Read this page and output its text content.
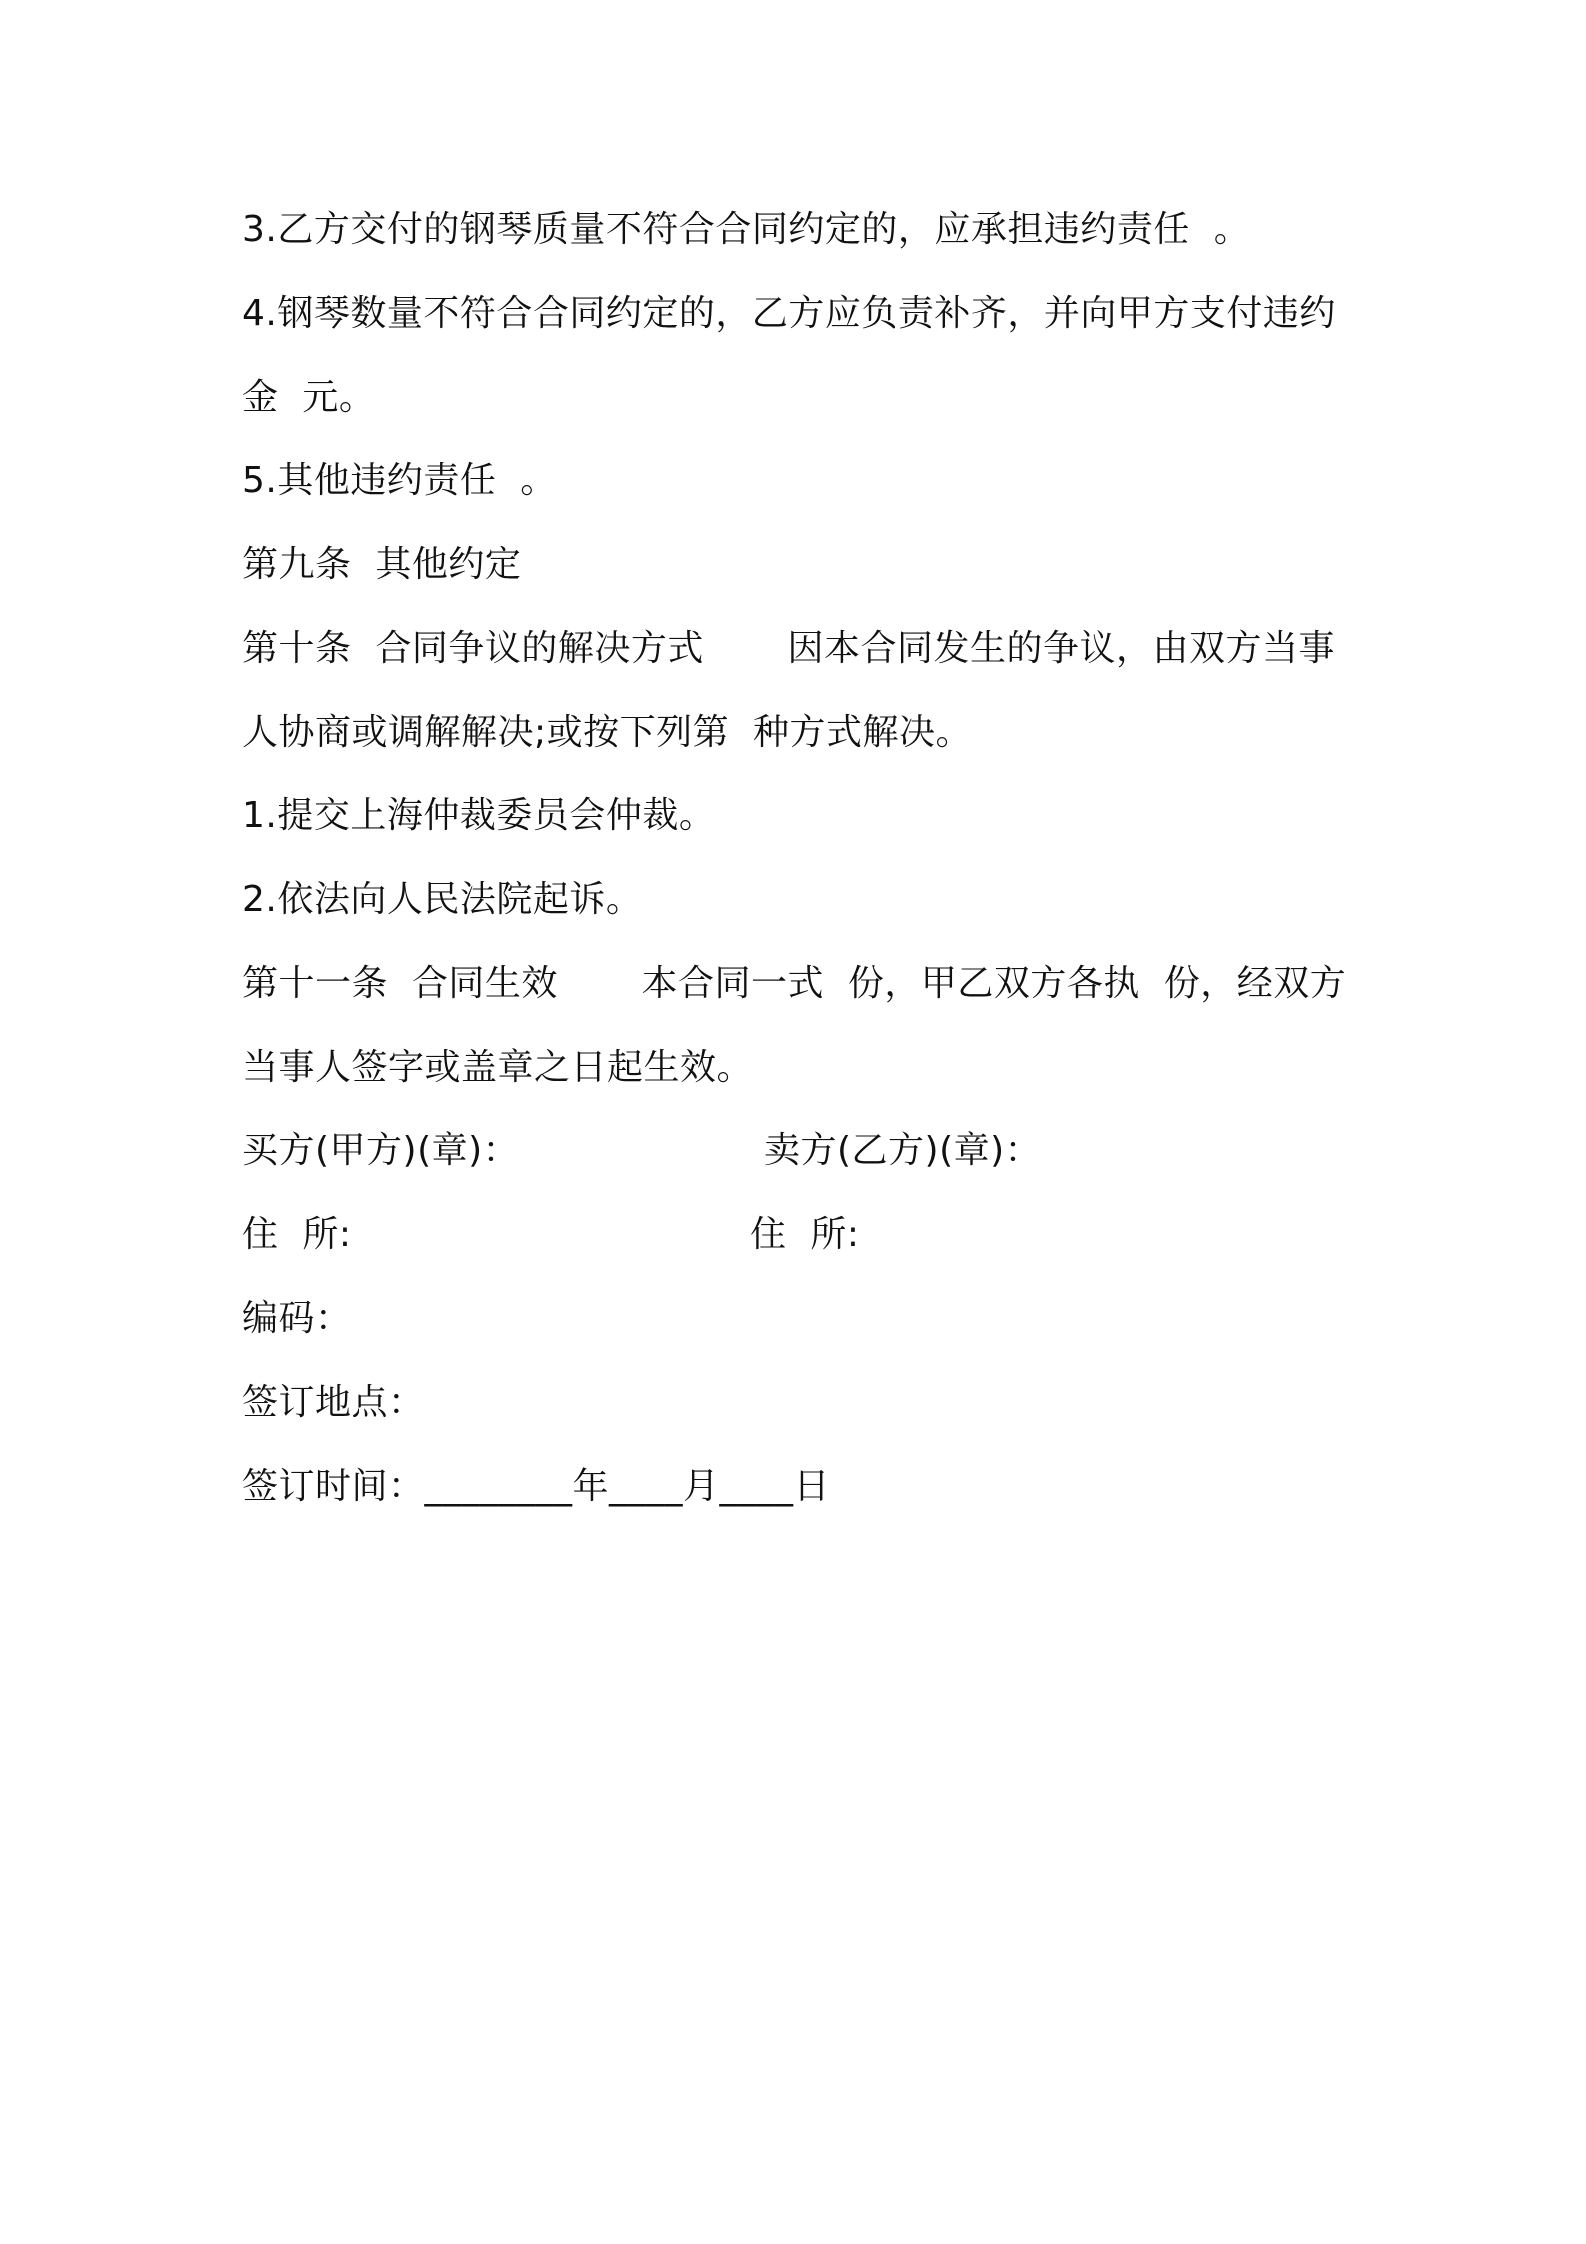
3.乙方交付的钢琴质量不符合合同约定的，应承担违约责任  。
4.钢琴数量不符合合同约定的，乙方应负责补齐，并向甲方支付违约
金  元。
5.其他违约责任  。
第九条  其他约定
第十条  合同争议的解决方式       因本合同发生的争议，由双方当事
人协商或调解解决;或按下列第  种方式解决。
1.提交上海仲裁委员会仲裁。
2.依法向人民法院起诉。
第十一条  合同生效       本合同一式  份，甲乙双方各执  份，经双方
当事人签字或盖章之日起生效。
买方(甲方)(章)：	卖方(乙方)(章)：
住  所:	住  所:
编码：
签订地点：
签订时间：________年____月____日
